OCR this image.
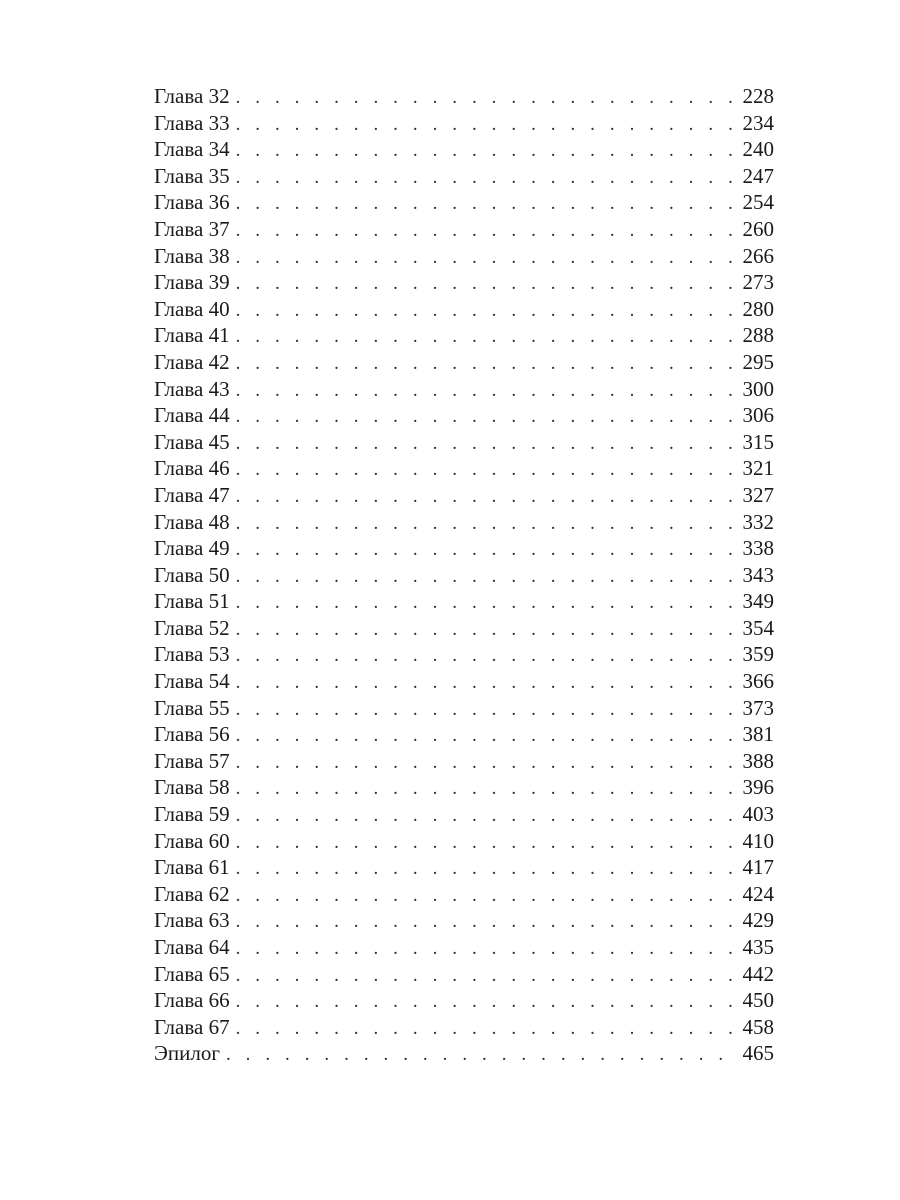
Глава 32 . . .	228
Глава 33 . . .	234
Глава 34 . . .	240
Глава 35 . . .	247
Глава 36 . . .	254
Глава 37 . . .	260
Глава 38 . . .	266
Глава 39 . . .	273
Глава 40 . . .	280
Глава 41 . . .	288
Глава 42 . . .	295
Глава 43 . . .	300
Глава 44 . . .	306
Глава 45 . . .	315
Глава 46 . . .	321
Глава 47 . . .	327
Глава 48 . . .	332
Глава 49 . . .	338
Глава 50 . . .	343
Глава 51 . . .	349
Глава 52 . . .	354
Глава 53 . . .	359
Глава 54 . . .	366
Глава 55 . . .	373
Глава 56 . . .	381
Глава 57 . . .	388
Глава 58 . . .	396
Глава 59 . . .	403
Глава 60 . . .	410
Глава 61 . . .	417
Глава 62 . . .	424
Глава 63 . . .	429
Глава 64 . . .	435
Глава 65 . . .	442
Глава 66 . . .	450
Глава 67 . . .	458
Эпилог . . .	465
